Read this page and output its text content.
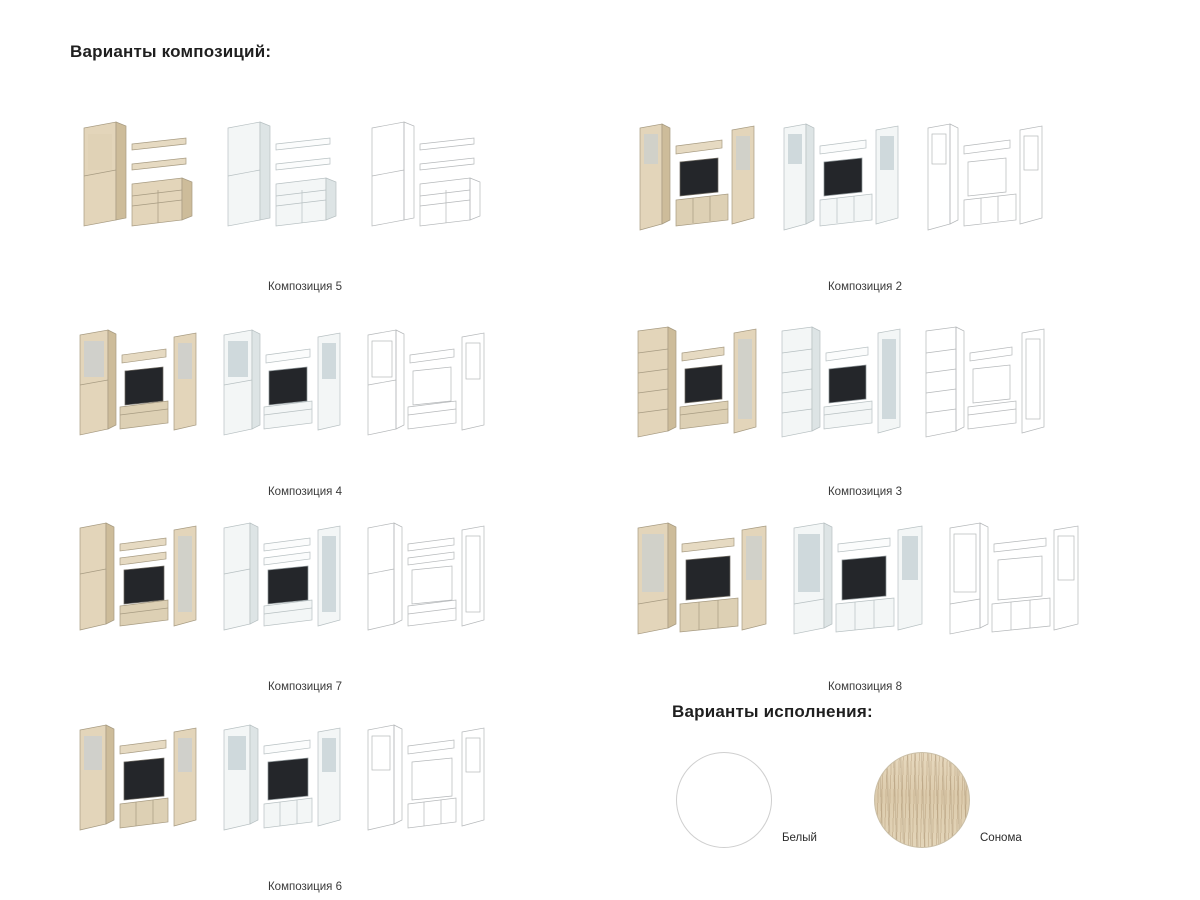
Варианты композиций:
Варианты исполнения:
Композиция 5	Композиция 2
Композиция 4	Композиция 3
Композиция 7	Композиция 8
Композиция 6
Белый	Сонома
